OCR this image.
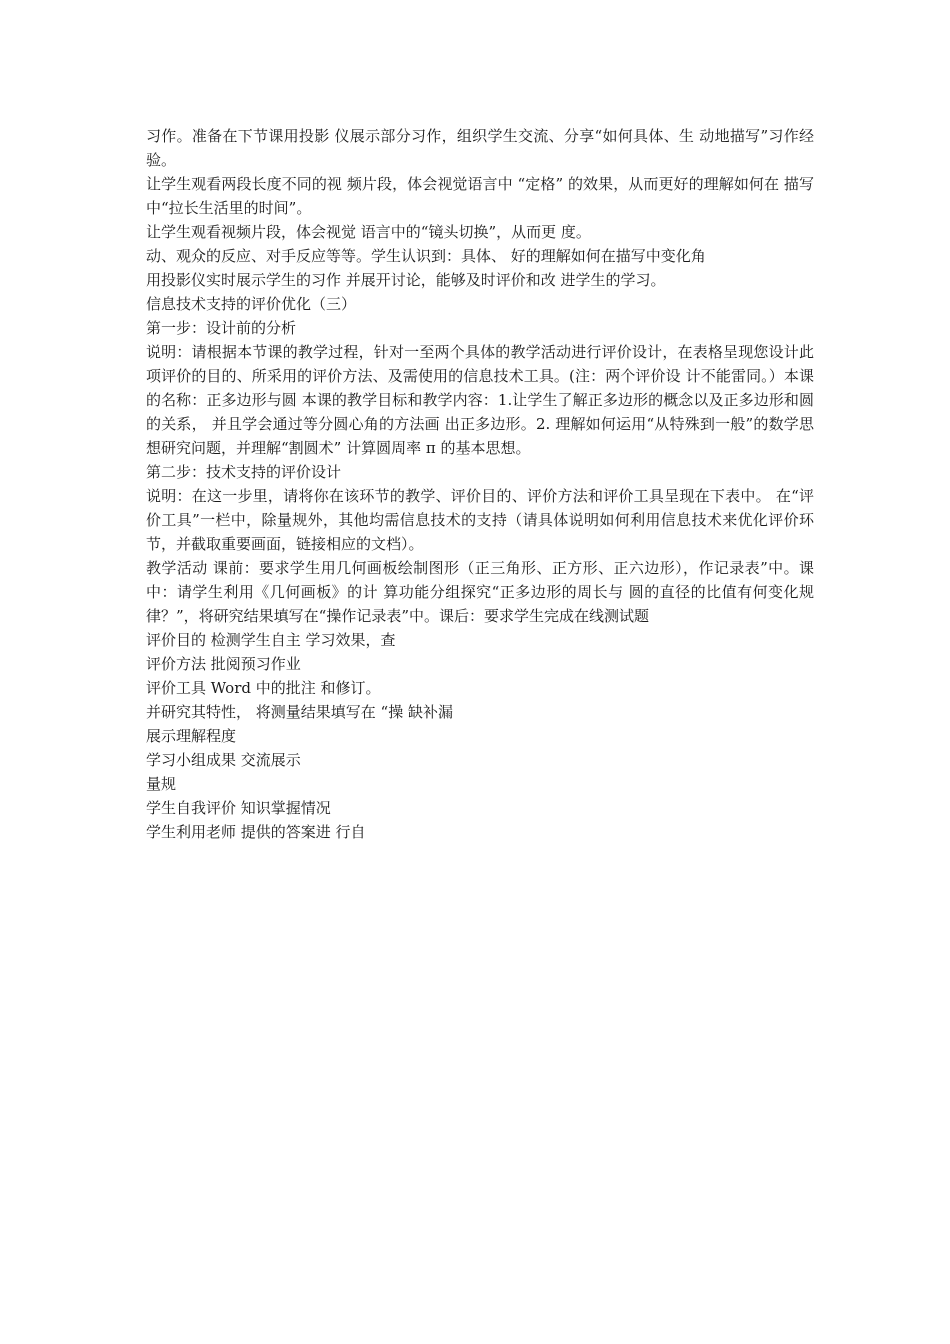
习作。准备在下节课用投影 仪展示部分习作，组织学生交流、分享“如何具体、生 动地描写”习作经验。

让学生观看两段长度不同的视 频片段，体会视觉语言中 “定格” 的效果，从而更好的理解如何在 描写中“拉长生活里的时间”。

让学生观看视频片段，体会视觉 语言中的“镜头切换”，从而更 度。

动、观众的反应、对手反应等等。学生认识到：具体、 好的理解如何在描写中变化角

用投影仪实时展示学生的习作 并展开讨论，能够及时评价和改 进学生的学习。

信息技术支持的评价优化（三）

第一步：设计前的分析

说明：请根据本节课的教学过程，针对一至两个具体的教学活动进行评价设计，在表格呈现您设计此项评价的目的、所采用的评价方法、及需使用的信息技术工具。(注：两个评价设 计不能雷同。）本课的名称：正多边形与圆 本课的教学目标和教学内容：1.让学生了解正多边形的概念以及正多边形和圆的关系， 并且学会通过等分圆心角的方法画 出正多边形。2. 理解如何运用“从特殊到一般”的数学思想研究问题，并理解“割圆术” 计算圆周率 π 的基本思想。

第二步：技术支持的评价设计

说明：在这一步里，请将你在该环节的教学、评价目的、评价方法和评价工具呈现在下表中。 在“评价工具”一栏中，除量规外，其他均需信息技术的支持（请具体说明如何利用信息技术来优化评价环节，并截取重要画面，链接相应的文档）。

教学活动 课前：要求学生用几何画板绘制图形（正三角形、正方形、正六边形），作记录表”中。课中：请学生利用《几何画板》的计 算功能分组探究“正多边形的周长与 圆的直径的比值有何变化规律？”，将研究结果填写在“操作记录表”中。课后：要求学生完成在线测试题

评价目的 检测学生自主 学习效果，查

评价方法 批阅预习作业

评价工具 Word 中的批注 和修订。

并研究其特性， 将测量结果填写在 “操 缺补漏

展示理解程度

学习小组成果 交流展示

量规

学生自我评价 知识掌握情况

学生利用老师 提供的答案进 行自
